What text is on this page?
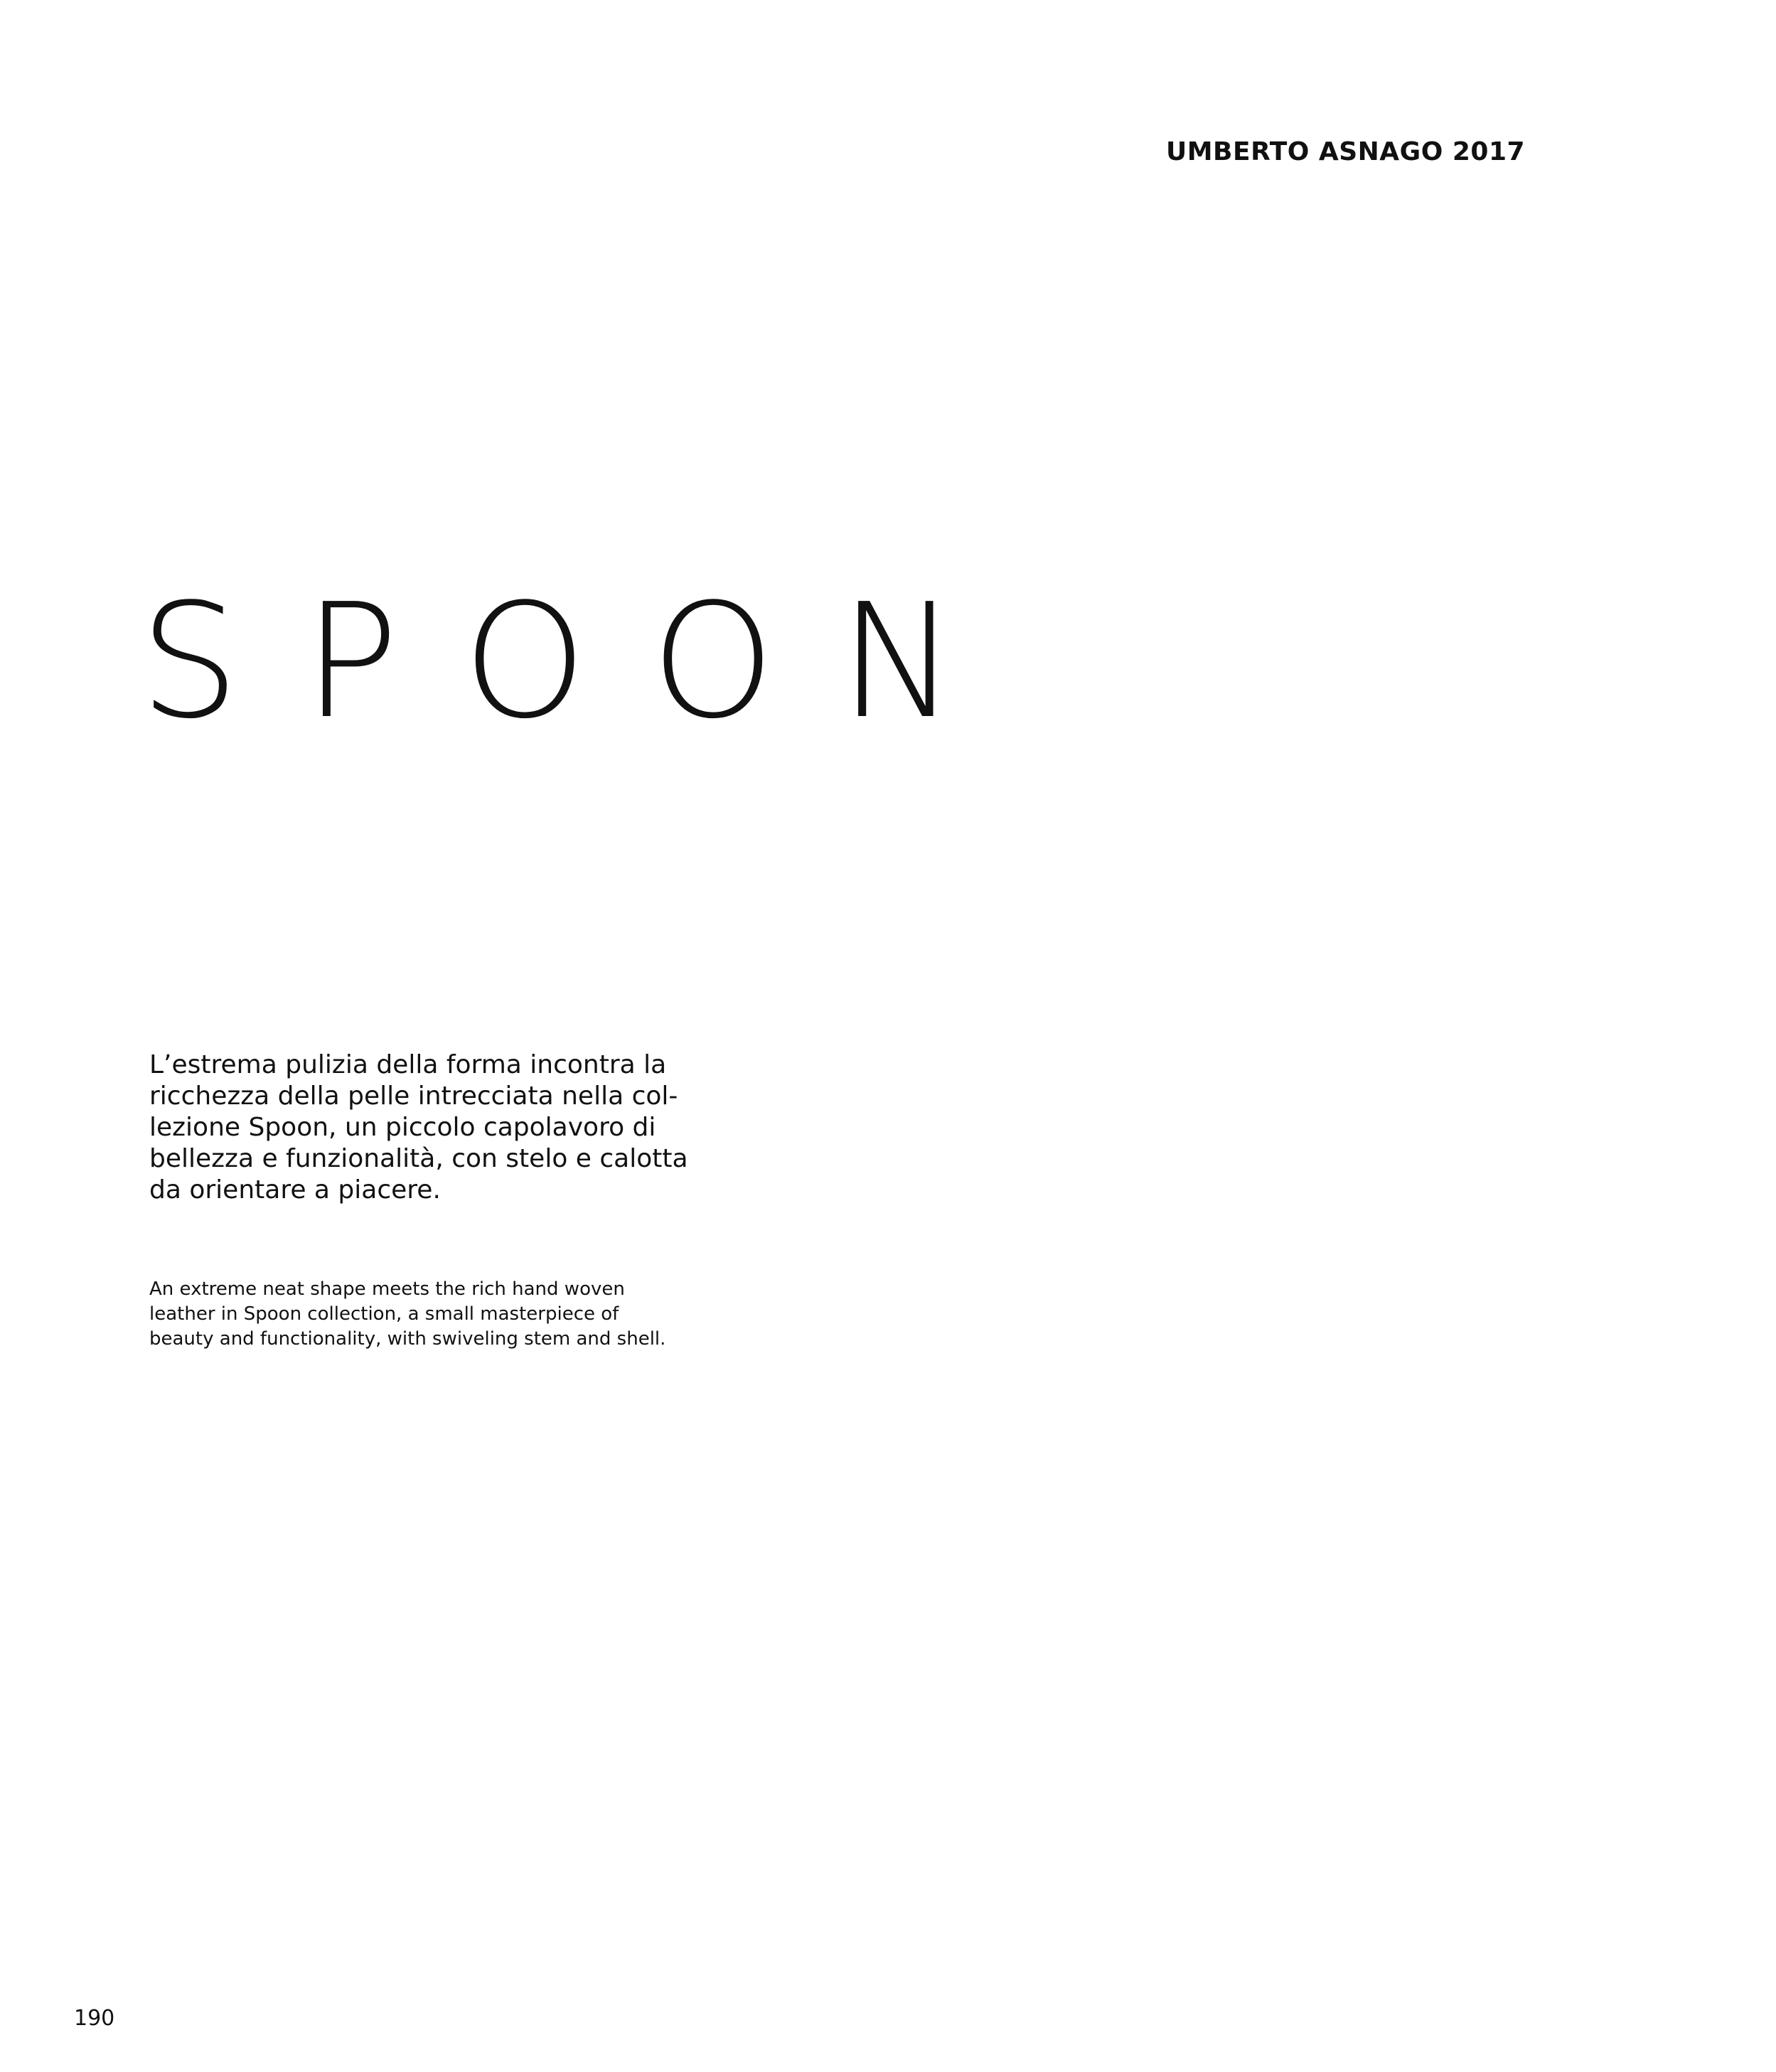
UMBERTO ASNAGO 2017
SPOON

L’estrema pulizia della forma incontra la
ricchezza della pelle intrecciata nella col-
lezione Spoon, un piccolo capolavoro di
bellezza e funzionalità, con stelo e calotta
da orientare a piacere.

An extreme neat shape meets the rich hand woven
leather in Spoon collection, a small masterpiece of
beauty and functionality, with swiveling stem and shell.

190
